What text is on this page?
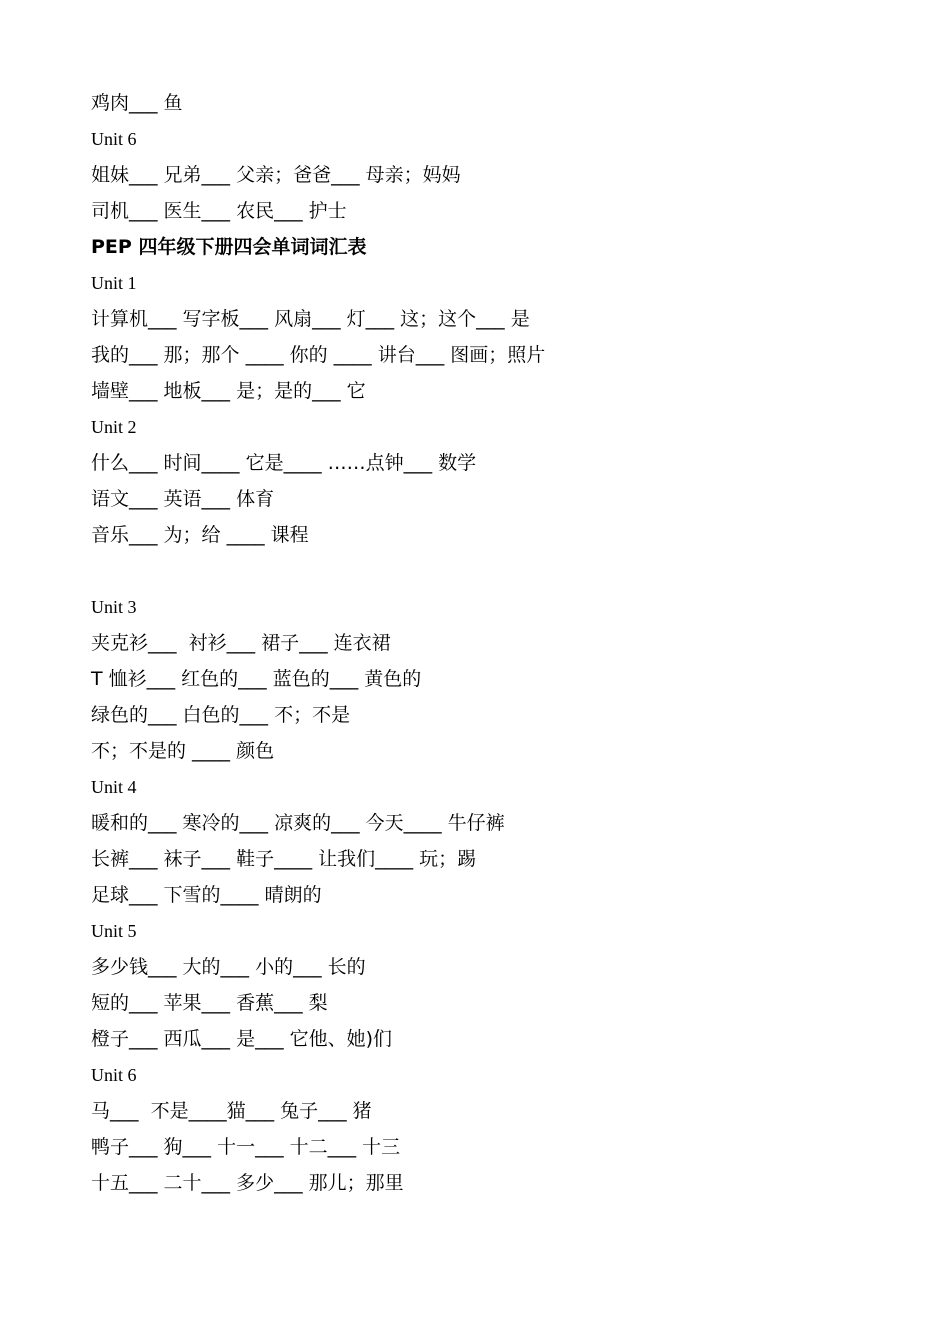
鸡肉___ 鱼
Unit 6
姐妹___ 兄弟___ 父亲；爸爸___ 母亲；妈妈
司机___ 医生___ 农民___ 护士
PEP 四年级下册四会单词词汇表
Unit 1
计算机___ 写字板___ 风扇___ 灯___ 这；这个___ 是
我的___ 那；那个 ____ 你的 ____ 讲台___ 图画；照片
墙壁___ 地板___ 是；是的___ 它
Unit 2
什么___ 时间____ 它是____ ……点钟___ 数学
语文___ 英语___ 体育
音乐___ 为；给 ____ 课程
Unit 3
夹克衫___  衬衫___ 裙子___ 连衣裙
T 恤衫___ 红色的___ 蓝色的___ 黄色的
绿色的___ 白色的___ 不；不是
不；不是的 ____ 颜色
Unit 4
暖和的___ 寒冷的___ 凉爽的___ 今天____ 牛仔裤
长裤___ 袜子___ 鞋子____ 让我们____ 玩；踢
足球___ 下雪的____ 晴朗的
Unit 5
多少钱___ 大的___ 小的___ 长的
短的___ 苹果___ 香蕉___ 梨
橙子___ 西瓜___ 是___ 它他、她)们
Unit 6
马___  不是____猫___ 兔子___ 猪
鸭子___ 狗___ 十一___ 十二___ 十三
十五___ 二十___ 多少___ 那儿；那里
